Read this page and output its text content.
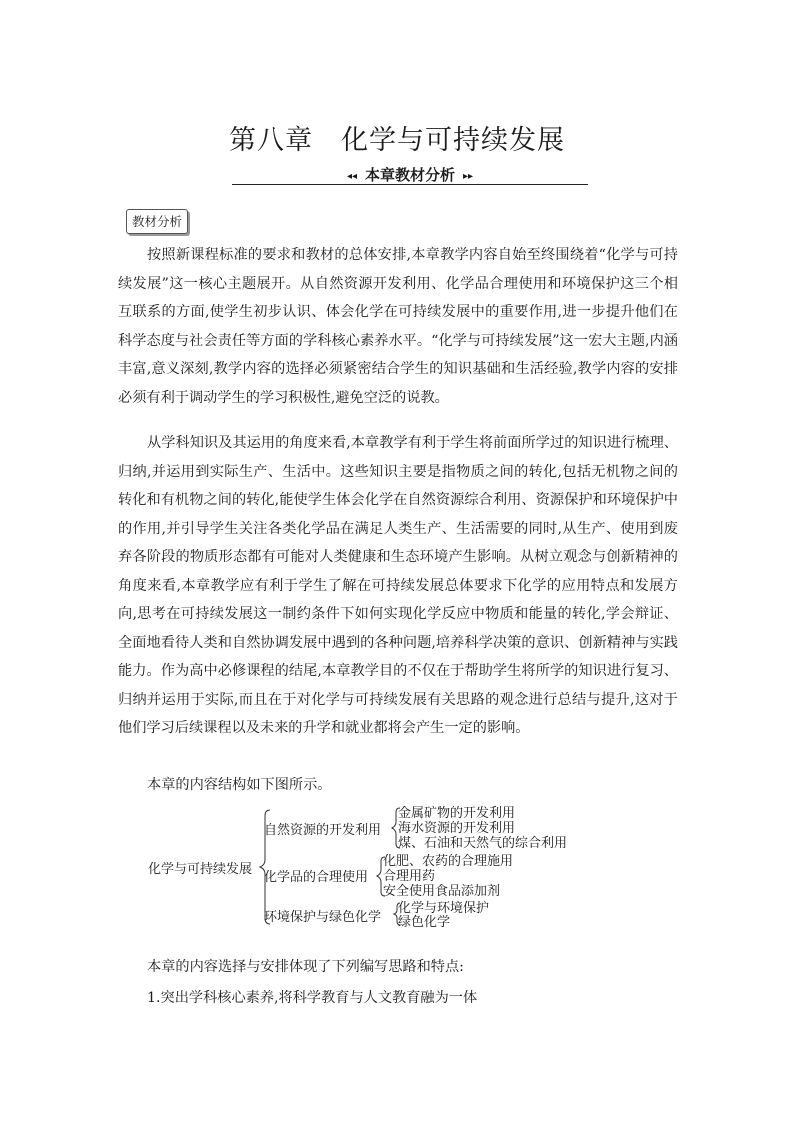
第八章　化学与可持续发展
◂◂ 本章教材分析 ▸▸
教材分析

按照新课程标准的要求和教材的总体安排,本章教学内容自始至终围绕着“化学与可持续发展”这一核心主题展开。从自然资源开发利用、化学品合理使用和环境保护这三个相互联系的方面,使学生初步认识、体会化学在可持续发展中的重要作用,进一步提升他们在科学态度与社会责任等方面的学科核心素养水平。“化学与可持续发展”这一宏大主题,内涵丰富,意义深刻,教学内容的选择必须紧密结合学生的知识基础和生活经验,教学内容的安排必须有利于调动学生的学习积极性,避免空泛的说教。

从学科知识及其运用的角度来看,本章教学有利于学生将前面所学过的知识进行梳理、归纳,并运用到实际生产、生活中。这些知识主要是指物质之间的转化,包括无机物之间的转化和有机物之间的转化,能使学生体会化学在自然资源综合利用、资源保护和环境保护中的作用,并引导学生关注各类化学品在满足人类生产、生活需要的同时,从生产、使用到废弃各阶段的物质形态都有可能对人类健康和生态环境产生影响。从树立观念与创新精神的角度来看,本章教学应有利于学生了解在可持续发展总体要求下化学的应用特点和发展方向,思考在可持续发展这一制约条件下如何实现化学反应中物质和能量的转化,学会辩证、全面地看待人类和自然协调发展中遇到的各种问题,培养科学决策的意识、创新精神与实践能力。作为高中必修课程的结尾,本章教学目的不仅在于帮助学生将所学的知识进行复习、归纳并运用于实际,而且在于对化学与可持续发展有关思路的观念进行总结与提升,这对于他们学习后续课程以及未来的升学和就业都将会产生一定的影响。

本章的内容结构如下图所示。

化学与可持续发展
自然资源的开发利用
金属矿物的开发利用
海水资源的开发利用
煤、石油和天然气的综合利用
化学品的合理使用
化肥、农药的合理施用
合理用药
安全使用食品添加剂
环境保护与绿色化学
化学与环境保护
绿色化学
本章的内容选择与安排体现了下列编写思路和特点:
1.突出学科核心素养,将科学教育与人文教育融为一体
